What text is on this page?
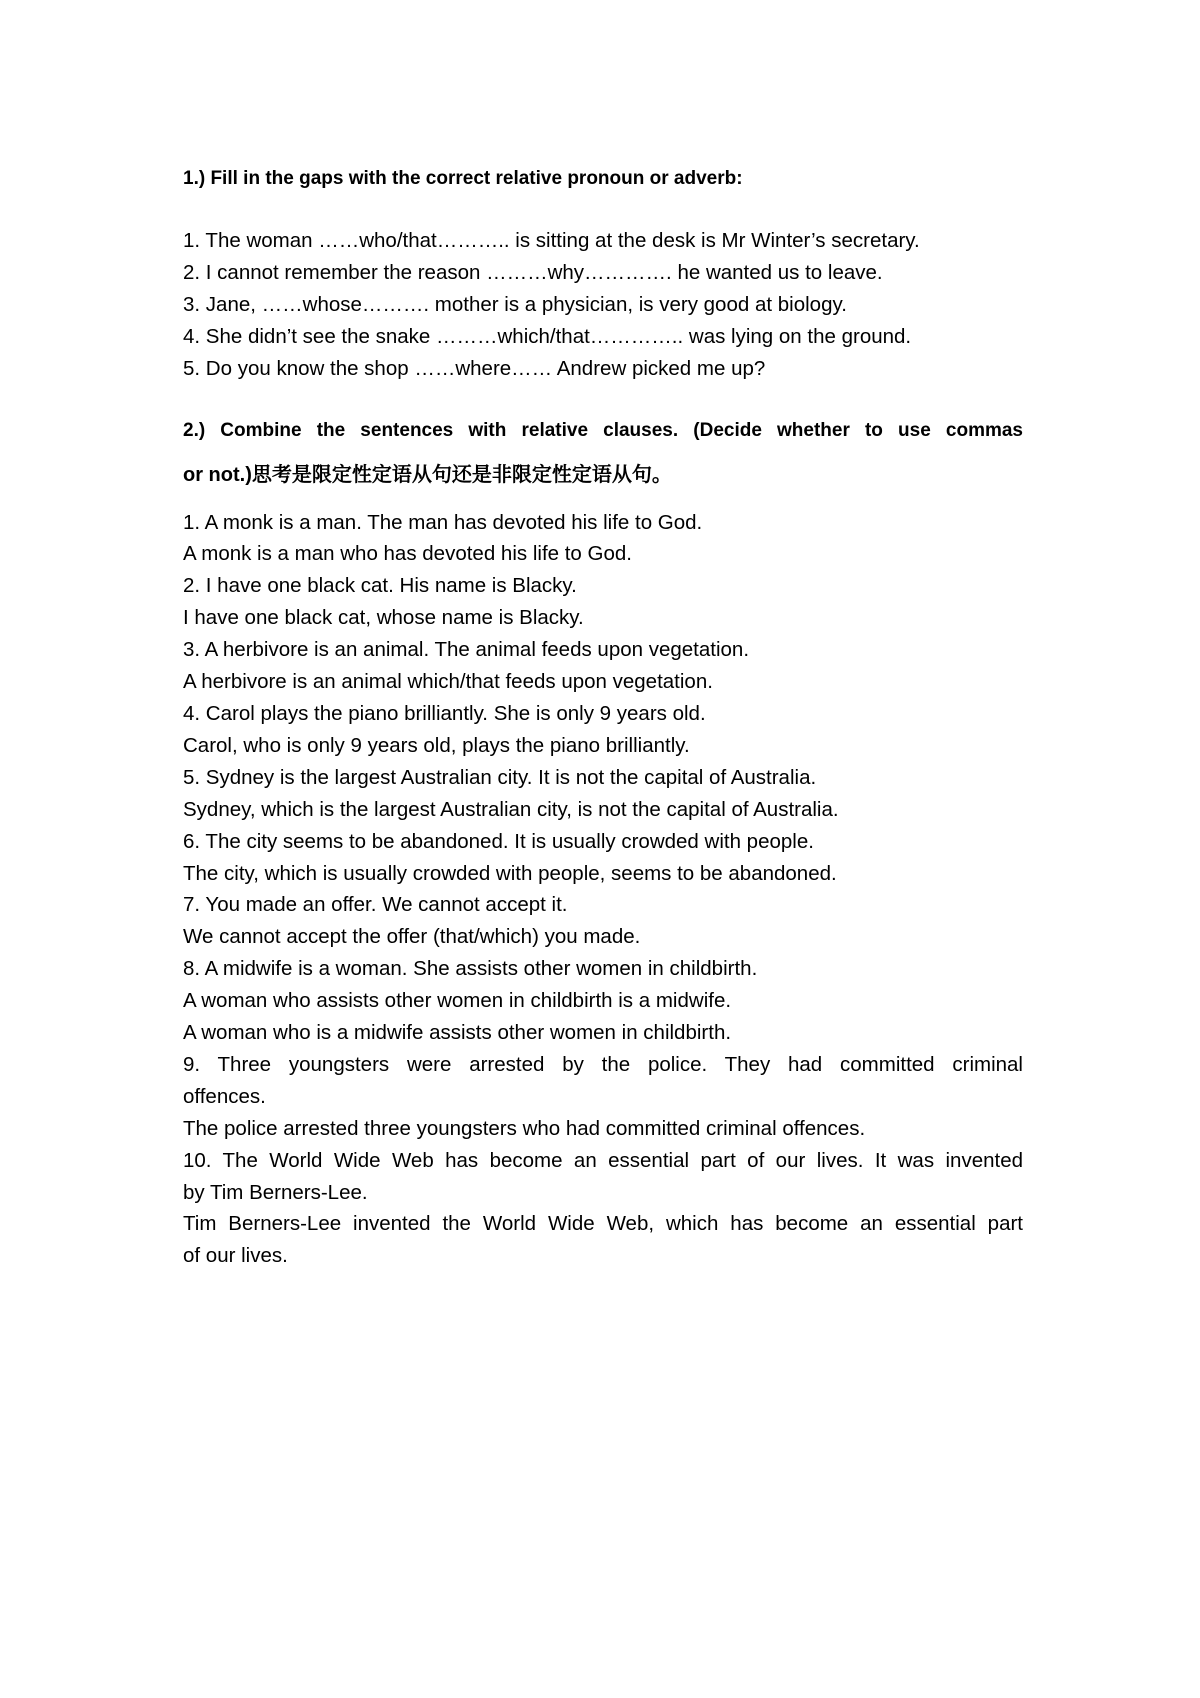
1.) Fill in the gaps with the correct relative pronoun or adverb:

1. The woman ……who/that……….. is sitting at the desk is Mr Winter’s secretary.

2. I cannot remember the reason ………why…………. he wanted us to leave.

3. Jane, ……whose………. mother is a physician, is very good at biology.

4. She didn’t see the snake ………which/that………….. was lying on the ground.

5. Do you know the shop ……where…… Andrew picked me up?

2.) Combine the sentences with relative clauses. (Decide whether to use commas

or not.)思考是限定性定语从句还是非限定性定语从句。

1. A monk is a man. The man has devoted his life to God.

A monk is a man who has devoted his life to God.

2. I have one black cat. His name is Blacky.

I have one black cat, whose name is Blacky.

3. A herbivore is an animal. The animal feeds upon vegetation.

A herbivore is an animal which/that feeds upon vegetation.

4. Carol plays the piano brilliantly. She is only 9 years old.

Carol, who is only 9 years old, plays the piano brilliantly.

5. Sydney is the largest Australian city. It is not the capital of Australia.

Sydney, which is the largest Australian city, is not the capital of Australia.

6. The city seems to be abandoned. It is usually crowded with people.

The city, which is usually crowded with people, seems to be abandoned.

7. You made an offer. We cannot accept it.

We cannot accept the offer (that/which) you made.

8. A midwife is a woman. She assists other women in childbirth.

A woman who assists other women in childbirth is a midwife.

A woman who is a midwife assists other women in childbirth.

9. Three youngsters were arrested by the police. They had committed criminal

offences.

The police arrested three youngsters who had committed criminal offences.

10. The World Wide Web has become an essential part of our lives. It was invented

by Tim Berners-Lee.

Tim Berners-Lee invented the World Wide Web, which has become an essential part

of our lives.
